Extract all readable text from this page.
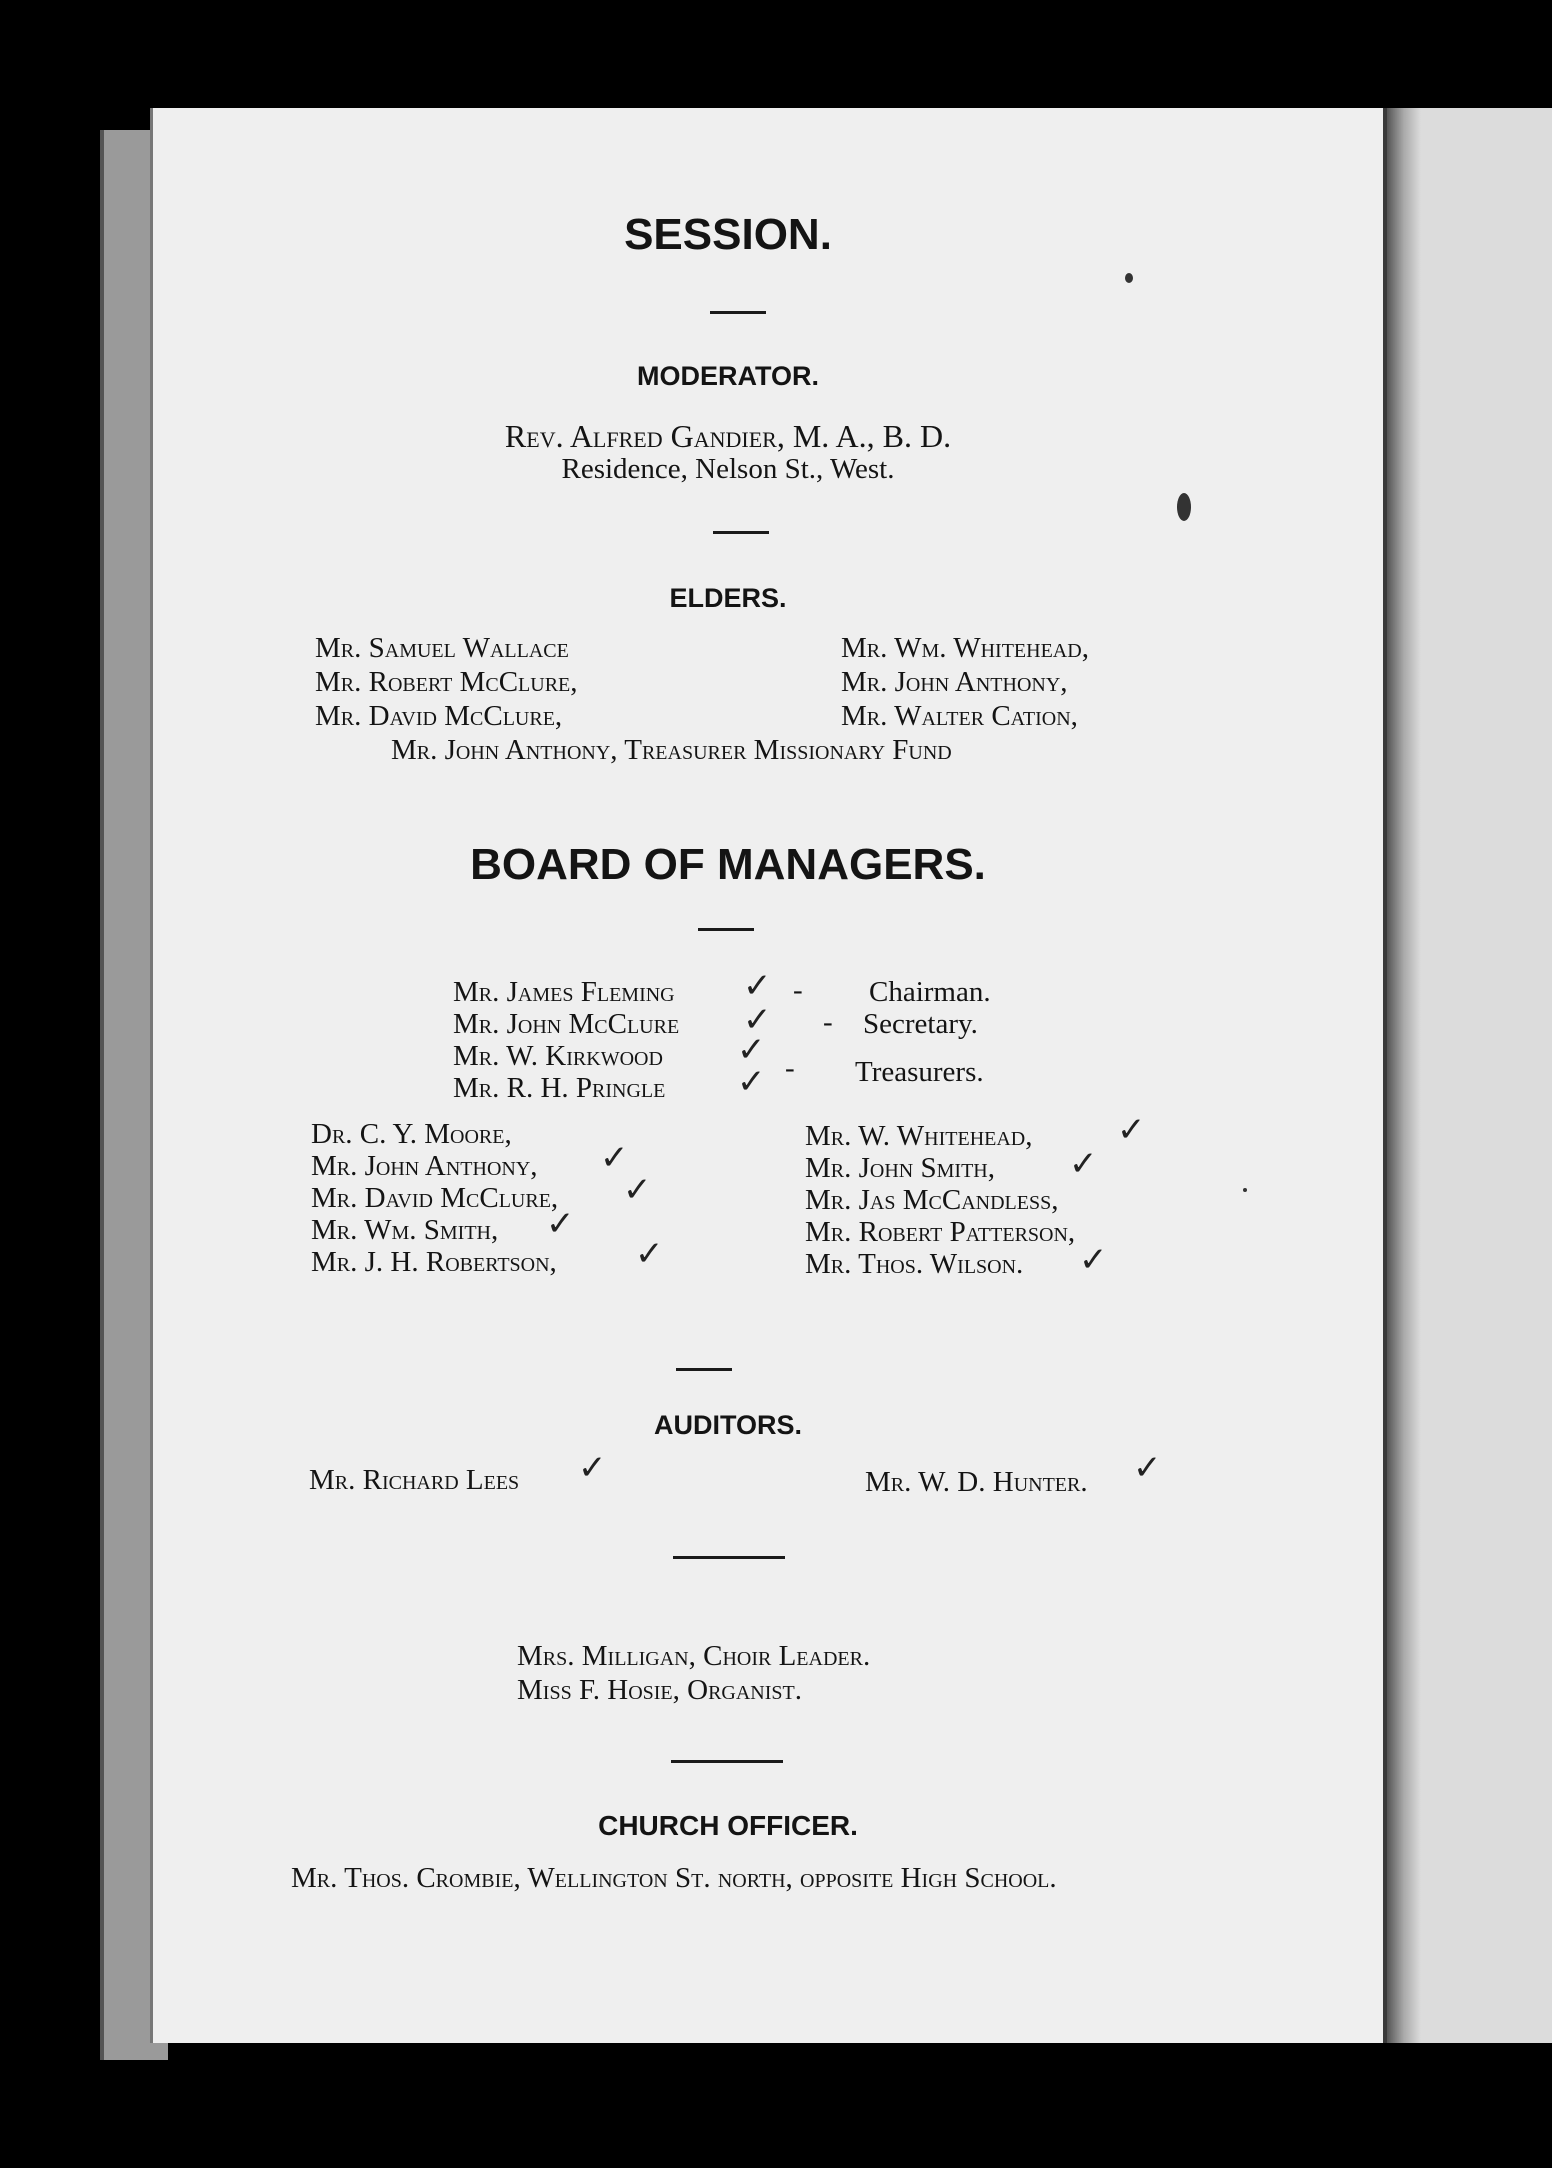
SESSION.
MODERATOR.
Rev. Alfred Gandier, M. A., B. D.
Residence, Nelson St., West.
ELDERS.
Mr. Samuel Wallace
Mr. Robert McClure,
Mr. David McClure,
Mr. Wm. Whitehead,
Mr. John Anthony,
Mr. Walter Cation,
Mr. John Anthony, Treasurer Missionary Fund
BOARD OF MANAGERS.
Mr. James Fleming
Mr. John McClure
Mr. W. Kirkwood
Mr. R. H. Pringle
✓
✓
✓
✓
-
-
-
Chairman.
Secretary.
Treasurers.
Dr. C. Y. Moore,
Mr. John Anthony,
Mr. David McClure,
Mr. Wm. Smith,
Mr. J. H. Robertson,
✓
✓
✓
✓
Mr. W. Whitehead,
Mr. John Smith,
Mr. Jas McCandless,
Mr. Robert Patterson,
Mr. Thos. Wilson.
✓
✓
✓
AUDITORS.
Mr. Richard Lees ✓	Mr. W. D. Hunter. ✓
Mrs. Milligan, Choir Leader.
Miss F. Hosie, Organist.
CHURCH OFFICER.
Mr. Thos. Crombie, Wellington St. north, opposite High School.
